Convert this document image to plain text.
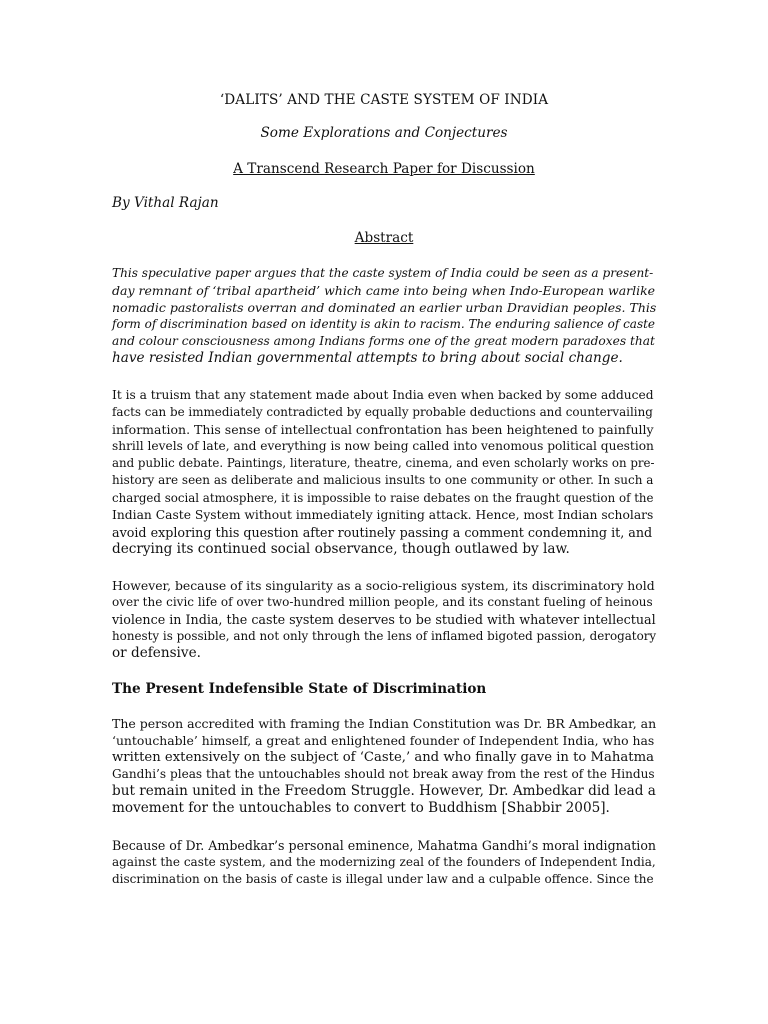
‘DALITS’ AND THE CASTE SYSTEM OF INDIA
Some Explorations and Conjectures
A Transcend Research Paper for Discussion
By Vithal Rajan
Abstract
This speculative paper argues that the caste system of India could be seen as a present-
day remnant of ‘tribal apartheid’ which came into being when Indo-European warlike
nomadic pastoralists overran and dominated an earlier urban Dravidian peoples. This
form of discrimination based on identity is akin to racism. The enduring salience of caste
and colour consciousness among Indians forms one of the great modern paradoxes that
have resisted Indian governmental attempts to bring about social change.
It is a truism that any statement made about India even when backed by some adduced
facts can be immediately contradicted by equally probable deductions and countervailing
information. This sense of intellectual confrontation has been heightened to painfully
shrill levels of late, and everything is now being called into venomous political question
and public debate. Paintings, literature, theatre, cinema, and even scholarly works on pre-
history are seen as deliberate and malicious insults to one community or other. In such a
charged social atmosphere, it is impossible to raise debates on the fraught question of the
Indian Caste System without immediately igniting attack. Hence, most Indian scholars
avoid exploring this question after routinely passing a comment condemning it, and
decrying its continued social observance, though outlawed by law.
However, because of its singularity as a socio-religious system, its discriminatory hold
over the civic life of over two-hundred million people, and its constant fueling of heinous
violence in India, the caste system deserves to be studied with whatever intellectual
honesty is possible, and not only through the lens of inflamed bigoted passion, derogatory
or defensive.
The Present Indefensible State of Discrimination
The person accredited with framing the Indian Constitution was Dr. BR Ambedkar, an
‘untouchable’ himself, a great and enlightened founder of Independent India, who has
written extensively on the subject of ‘Caste,’ and who finally gave in to Mahatma
Gandhi’s pleas that the untouchables should not break away from the rest of the Hindus
but remain united in the Freedom Struggle. However, Dr. Ambedkar did lead a
movement for the untouchables to convert to Buddhism [Shabbir 2005].
Because of Dr. Ambedkar’s personal eminence, Mahatma Gandhi’s moral indignation
against the caste system, and the modernizing zeal of the founders of Independent India,
discrimination on the basis of caste is illegal under law and a culpable offence. Since the
